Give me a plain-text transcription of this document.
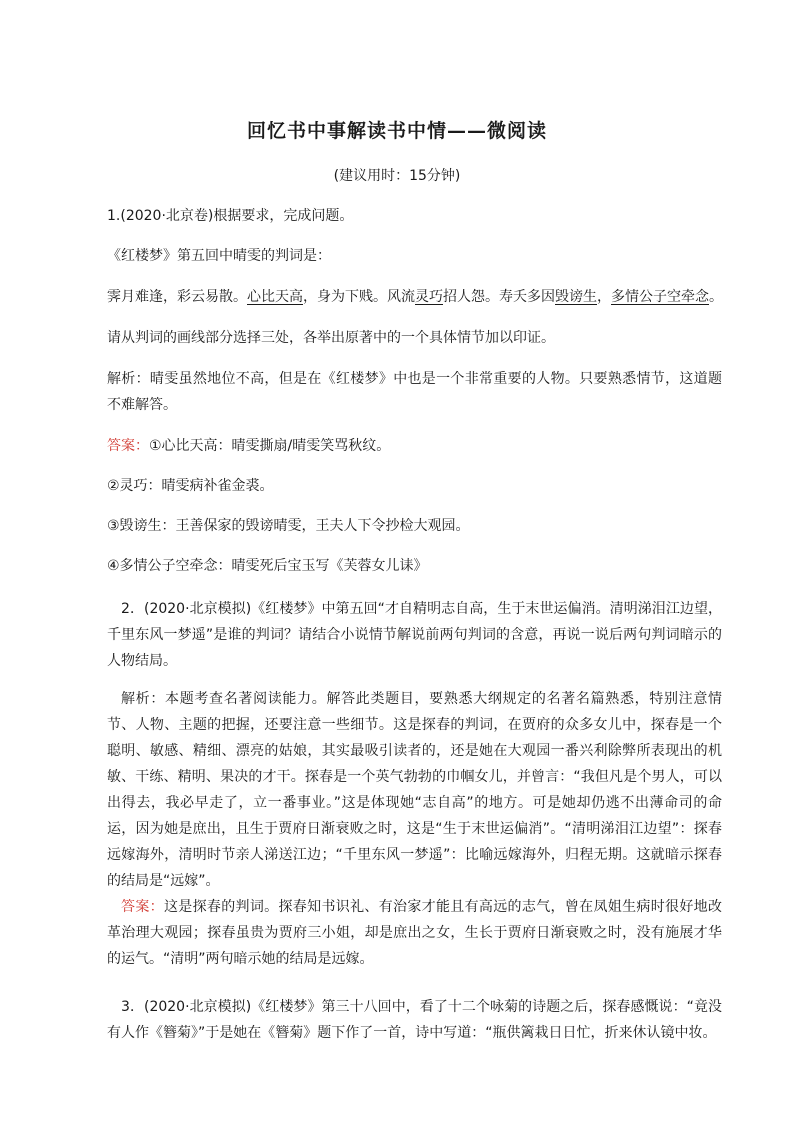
回忆书中事解读书中情——微阅读
(建议用时：15分钟)
1.(2020·北京卷)根据要求，完成问题。
《红楼梦》第五回中晴雯的判词是：
霁月难逢，彩云易散。心比天高，身为下贱。风流灵巧招人怨。寿夭多因毁谤生，多情公子空牵念。
请从判词的画线部分选择三处，各举出原著中的一个具体情节加以印证。
解析：晴雯虽然地位不高，但是在《红楼梦》中也是一个非常重要的人物。只要熟悉情节，这道题不难解答。
答案：①心比天高：晴雯撕扇/晴雯笑骂秋纹。
②灵巧：晴雯病补雀金裘。
③毁谤生：王善保家的毁谤晴雯，王夫人下令抄检大观园。
④多情公子空牵念：晴雯死后宝玉写《芙蓉女儿诔》
2．(2020·北京模拟)《红楼梦》中第五回“才自精明志自高，生于末世运偏消。清明涕泪江边望，千里东风一梦遥”是谁的判词？请结合小说情节解说前两句判词的含意，再说一说后两句判词暗示的人物结局。
解析：本题考查名著阅读能力。解答此类题目，要熟悉大纲规定的名著名篇熟悉，特别注意情节、人物、主题的把握，还要注意一些细节。这是探春的判词，在贾府的众多女儿中，探春是一个聪明、敏感、精细、漂亮的姑娘，其实最吸引读者的，还是她在大观园一番兴利除弊所表现出的机敏、干练、精明、果决的才干。探春是一个英气勃勃的巾帼女儿，并曾言：“我但凡是个男人，可以出得去，我必早走了，立一番事业。”这是体现她“志自高”的地方。可是她却仍逃不出薄命司的命运，因为她是庶出，且生于贾府日渐衰败之时，这是“生于末世运偏消”。“清明涕泪江边望”：探春远嫁海外，清明时节亲人涕送江边；“千里东风一梦遥”：比喻远嫁海外，归程无期。这就暗示探春的结局是“远嫁”。
答案：这是探春的判词。探春知书识礼、有治家才能且有高远的志气，曾在凤姐生病时很好地改革治理大观园；探春虽贵为贾府三小姐，却是庶出之女，生长于贾府日渐衰败之时，没有施展才华的运气。“清明”两句暗示她的结局是远嫁。
3．(2020·北京模拟)《红楼梦》第三十八回中，看了十二个咏菊的诗题之后，探春感慨说：“竟没有人作《簪菊》”于是她在《簪菊》题下作了一首，诗中写道：“瓶供篱栽日日忙，折来休认镜中妆。
